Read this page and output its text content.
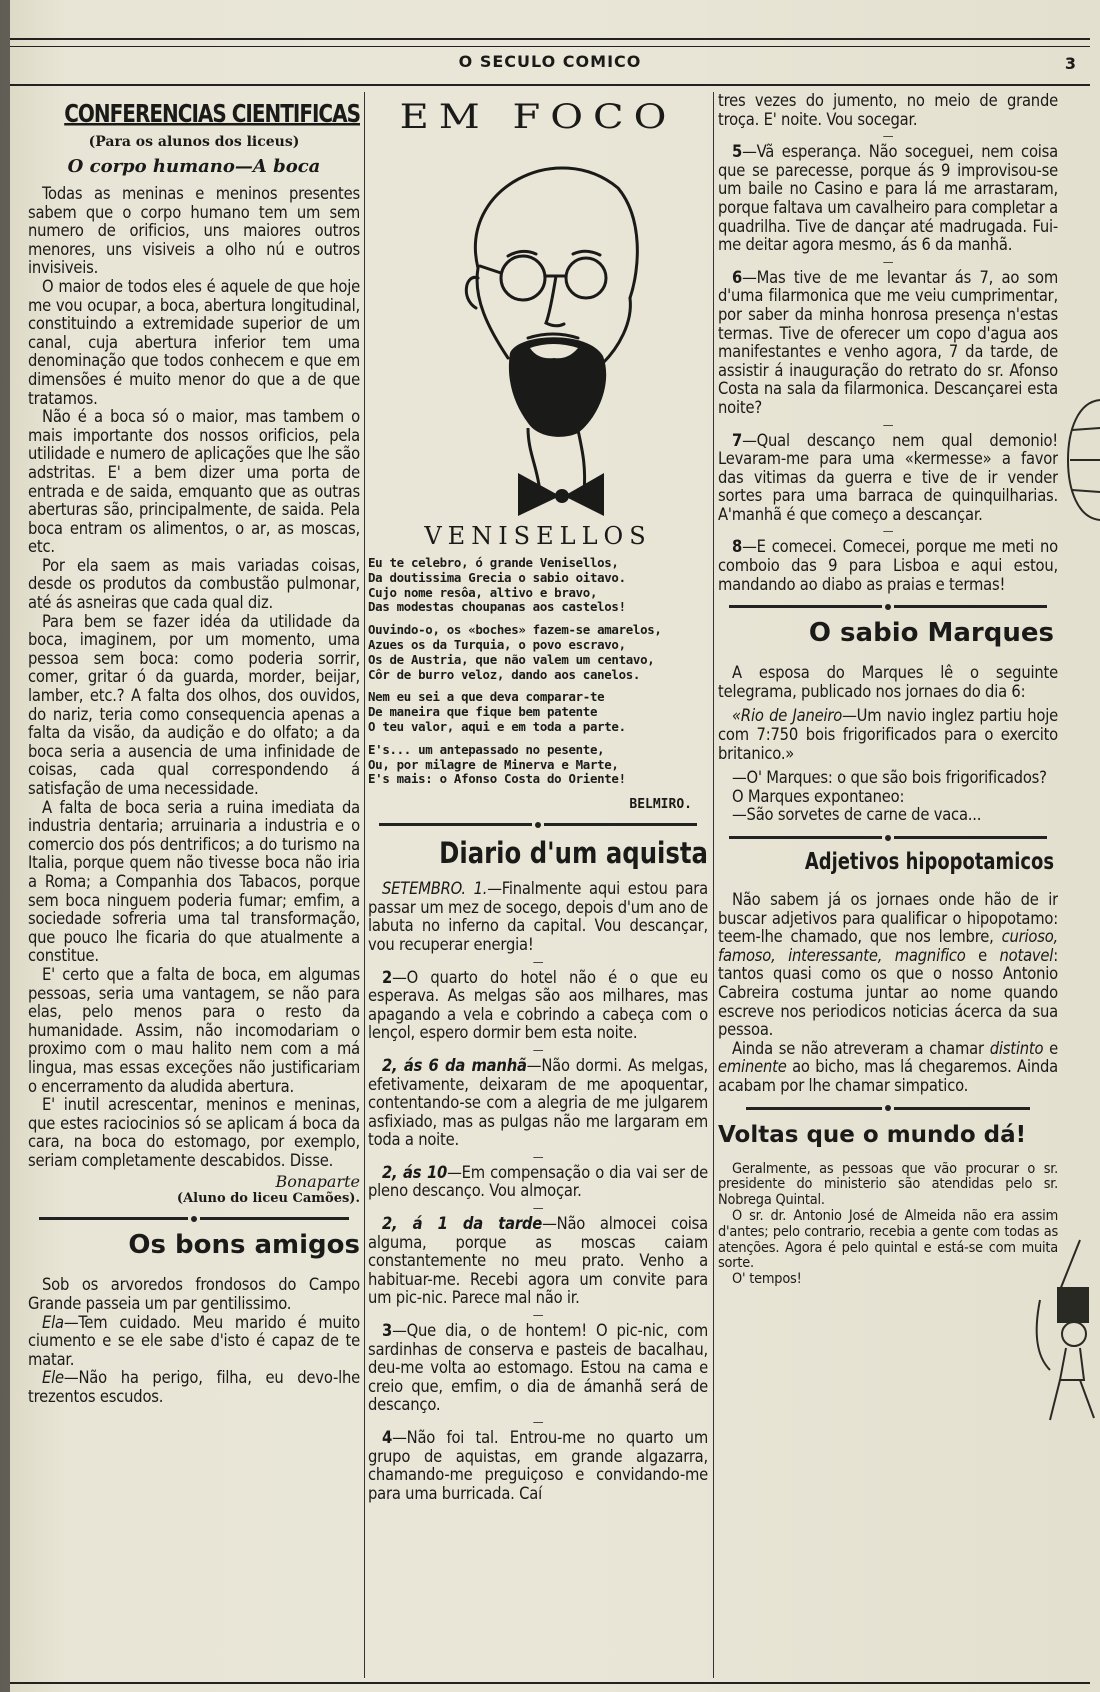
O SECULO COMICO	3
CONFERENCIAS CIENTIFICAS
(Para os alunos dos liceus)
O corpo humano—A boca

Todas as meninas e meninos presentes sabem que o corpo humano tem um sem numero de orificios, uns maiores outros menores, uns visiveis a olho nú e outros invisiveis.

O maior de todos eles é aquele de que hoje me vou ocupar, a boca, abertura longitudinal, constituindo a extremidade superior de um canal, cuja abertura inferior tem uma denominação que todos conhecem e que em dimensões é muito menor do que a de que tratamos.

Não é a boca só o maior, mas tambem o mais importante dos nossos orificios, pela utilidade e numero de aplicações que lhe são adstritas. E' a bem dizer uma porta de entrada e de saida, emquanto que as outras aberturas são, principalmente, de saida. Pela boca entram os alimentos, o ar, as moscas, etc.

Por ela saem as mais variadas coisas, desde os produtos da combustão pulmonar, até ás asneiras que cada qual diz.

Para bem se fazer idéa da utilidade da boca, imaginem, por um momento, uma pessoa sem boca: como poderia sorrir, comer, gritar ó da guarda, morder, beijar, lamber, etc.? A falta dos olhos, dos ouvidos, do nariz, teria como consequencia apenas a falta da visão, da audição e do olfato; a da boca seria a ausencia de uma infinidade de coisas, cada qual correspondendo á satisfação de uma necessidade.

A falta de boca seria a ruina imediata da industria dentaria; arruinaria a industria e o comercio dos pós dentrificos; a do turismo na Italia, porque quem não tivesse boca não iria a Roma; a Companhia dos Tabacos, porque sem boca ninguem poderia fumar; emfim, a sociedade sofreria uma tal transformação, que pouco lhe ficaria do que atualmente a constitue.

E' certo que a falta de boca, em algumas pessoas, seria uma vantagem, se não para elas, pelo menos para o resto da humanidade. Assim, não incomodariam o proximo com o mau halito nem com a má lingua, mas essas exceções não justificariam o encerramento da aludida abertura.

E' inutil acrescentar, meninos e meninas, que estes raciocinios só se aplicam á boca da cara, na boca do estomago, por exemplo, seriam completamente descabidos. Disse.

Bonaparte
(Aluno do liceu Camões).
Os bons amigos

Sob os arvoredos frondosos do Campo Grande passeia um par gentilissimo.

Ela—Tem cuidado. Meu marido é muito ciumento e se ele sabe d'isto é capaz de te matar.

Ele—Não ha perigo, filha, eu devo-lhe trezentos escudos.

EM FOCO
VENISELLOS
Eu te celebro, ó grande Venisellos,
Da doutissima Grecia o sabio oitavo.
Cujo nome resôa, altivo e bravo,
Das modestas choupanas aos castelos!
Ouvindo-o, os «boches» fazem-se amarelos,
Azues os da Turquia, o povo escravo,
Os de Austria, que não valem um centavo,
Côr de burro veloz, dando aos canelos.
Nem eu sei a que deva comparar-te
De maneira que fique bem patente
O teu valor, aqui e em toda a parte.
E's... um antepassado no pesente,
Ou, por milagre de Minerva e Marte,
E's mais: o Afonso Costa do Oriente!
BELMIRO.
Diario d'um aquista

SETEMBRO. 1.—Finalmente aqui estou para passar um mez de socego, depois d'um ano de labuta no inferno da capital. Vou descançar, vou recuperar energia!

—

2—O quarto do hotel não é o que eu esperava. As melgas são aos milhares, mas apagando a vela e cobrindo a cabeça com o lençol, espero dormir bem esta noite.

—

2, ás 6 da manhã—Não dormi. As melgas, efetivamente, deixaram de me apoquentar, contentando-se com a alegria de me julgarem asfixiado, mas as pulgas não me largaram em toda a noite.

—

2, ás 10—Em compensação o dia vai ser de pleno descanço. Vou almoçar.

—

2, á 1 da tarde—Não almocei coisa alguma, porque as moscas caiam constantemente no meu prato. Venho a habituar-me. Recebi agora um convite para um pic-nic. Parece mal não ir.

—

3—Que dia, o de hontem! O pic-nic, com sardinhas de conserva e pasteis de bacalhau, deu-me volta ao estomago. Estou na cama e creio que, emfim, o dia de ámanhã será de descanço.

—

4—Não foi tal. Entrou-me no quarto um grupo de aquistas, em grande algazarra, chamando-me preguiçoso e convidando-me para uma burricada. Caí

tres vezes do jumento, no meio de grande troça. E' noite. Vou socegar.

—

5—Vã esperança. Não soceguei, nem coisa que se parecesse, porque ás 9 improvisou-se um baile no Casino e para lá me arrastaram, porque faltava um cavalheiro para completar a quadrilha. Tive de dançar até madrugada. Fui-me deitar agora mesmo, ás 6 da manhã.

—

6—Mas tive de me levantar ás 7, ao som d'uma filarmonica que me veiu cumprimentar, por saber da minha honrosa presença n'estas termas. Tive de oferecer um copo d'agua aos manifestantes e venho agora, 7 da tarde, de assistir á inauguração do retrato do sr. Afonso Costa na sala da filarmonica. Descançarei esta noite?

—

7—Qual descanço nem qual demonio! Levaram-me para uma «kermesse» a favor das vitimas da guerra e tive de ir vender sortes para uma barraca de quinquilharias. A'manhã é que começo a descançar.

—

8—E comecei. Comecei, porque me meti no comboio das 9 para Lisboa e aqui estou, mandando ao diabo as praias e termas!

O sabio Marques

A esposa do Marques lê o seguinte telegrama, publicado nos jornaes do dia 6:

«Rio de Janeiro—Um navio inglez partiu hoje com 7:750 bois frigorificados para o exercito britanico.»

—O' Marques: o que são bois frigorificados?

O Marques expontaneo:

—São sorvetes de carne de vaca...

Adjetivos hipopotamicos

Não sabem já os jornaes onde hão de ir buscar adjetivos para qualificar o hipopotamo: teem-lhe chamado, que nos lembre, curioso, famoso, interessante, magnifico e notavel: tantos quasi como os que o nosso Antonio Cabreira costuma juntar ao nome quando escreve nos periodicos noticias ácerca da sua pessoa.

Ainda se não atreveram a chamar distinto e eminente ao bicho, mas lá chegaremos. Ainda acabam por lhe chamar simpatico.

Voltas que o mundo dá!

Geralmente, as pessoas que vão procurar o sr. presidente do ministerio são atendidas pelo sr. Nobrega Quintal.

O sr. dr. Antonio José de Almeida não era assim d'antes; pelo contrario, recebia a gente com todas as atenções. Agora é pelo quintal e está-se com muita sorte.

O' tempos!
